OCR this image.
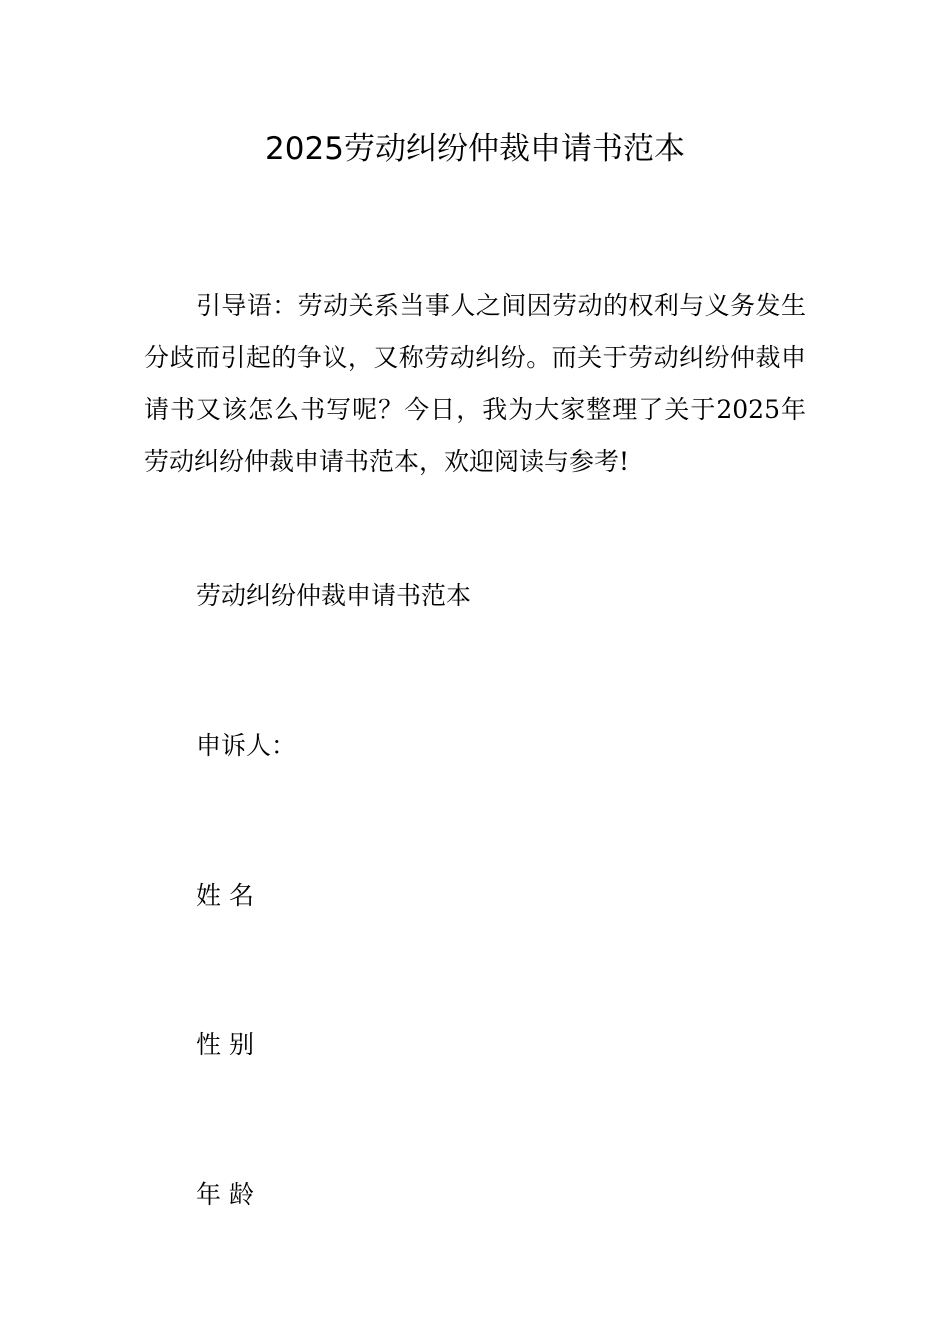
2025劳动纠纷仲裁申请书范本

引导语：劳动关系当事人之间因劳动的权利与义务发生分歧而引起的争议，又称劳动纠纷。而关于劳动纠纷仲裁申请书又该怎么书写呢？今日，我为大家整理了关于2025年劳动纠纷仲裁申请书范本，欢迎阅读与参考!

劳动纠纷仲裁申请书范本

申诉人：

姓 名

性 别

年 龄
